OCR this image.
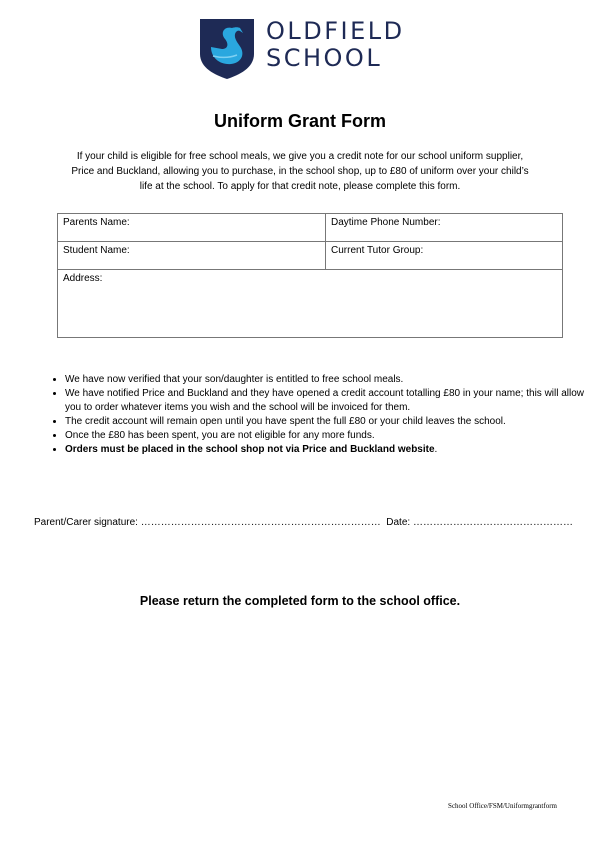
OLDFIELD
SCHOOL
Uniform Grant Form
If your child is eligible for free school meals, we give you a credit note for our school uniform supplier,
Price and Buckland, allowing you to purchase, in the school shop, up to £80 of uniform over your child’s
life at the school. To apply for that credit note, please complete this form.
Parents Name:	Daytime Phone Number:
Student Name:	Current Tutor Group:
Address:	
• We have now verified that your son/daughter is entitled to free school meals.
• We have notified Price and Buckland and they have opened a credit account totalling £80 in your name; this will allow you to order whatever items you wish and the school will be invoiced for them.
• The credit account will remain open until you have spent the full £80 or your child leaves the school.
• Once the £80 has been spent, you are not eligible for any more funds.
• Orders must be placed in the school shop not via Price and Buckland website.
Parent/Carer signature: ………………………………………………………………  Date: …………………………………………
Please return the completed form to the school office.
School Office/FSM/Uniformgrantform
